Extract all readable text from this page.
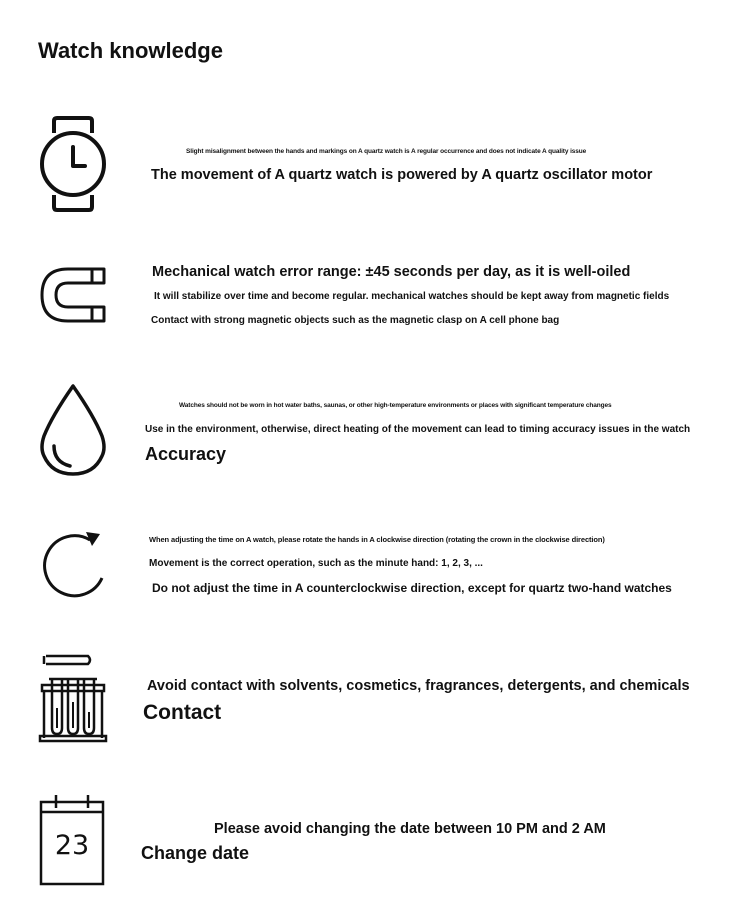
Watch knowledge
Slight misalignment between the hands and markings on A quartz watch is A regular occurrence and does not indicate A quality issue
The movement of A quartz watch is powered by A quartz oscillator motor
Mechanical watch error range: ±45 seconds per day, as it is well-oiled
It will stabilize over time and become regular. mechanical watches should be kept away from magnetic fields
Contact with strong magnetic objects such as the magnetic clasp on A cell phone bag
Watches should not be worn in hot water baths, saunas, or other high-temperature environments or places with significant temperature changes
Use in the environment, otherwise, direct heating of the movement can lead to timing accuracy issues in the watch
Accuracy
When adjusting the time on A watch, please rotate the hands in A clockwise direction (rotating the crown in the clockwise direction)
Movement is the correct operation, such as the minute hand: 1, 2, 3, ...
Do not adjust the time in A counterclockwise direction, except for quartz two-hand watches
Avoid contact with solvents, cosmetics, fragrances, detergents, and chemicals
Contact
23
Please avoid changing the date between 10 PM and 2 AM
Change date
